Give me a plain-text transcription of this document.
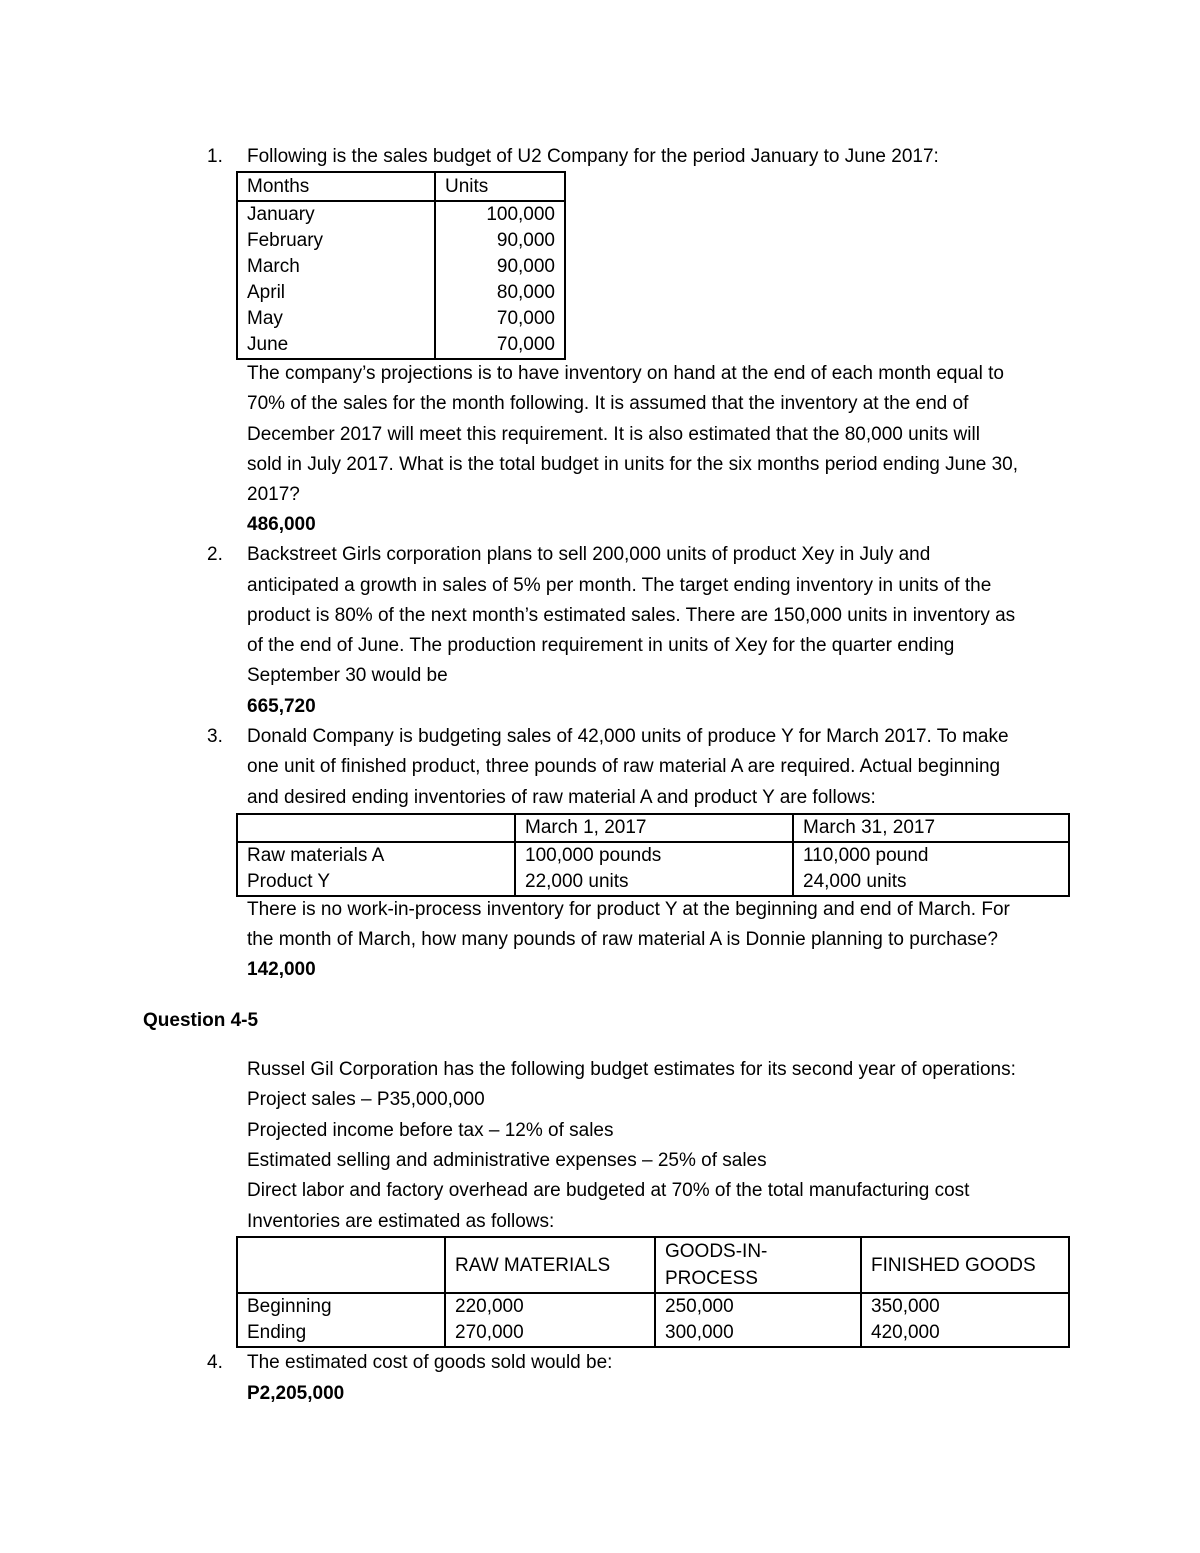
1. Following is the sales budget of U2 Company for the period January to June 2017:
Months	Units
January	100,000
February	90,000
March	90,000
April	80,000
May	70,000
June	70,000
The company’s projections is to have inventory on hand at the end of each month equal to
70% of the sales for the month following. It is assumed that the inventory at the end of
December 2017 will meet this requirement. It is also estimated that the 80,000 units will
sold in July 2017. What is the total budget in units for the six months period ending June 30,
2017?
486,000
2. Backstreet Girls corporation plans to sell 200,000 units of product Xey in July and
anticipated a growth in sales of 5% per month. The target ending inventory in units of the
product is 80% of the next month’s estimated sales. There are 150,000 units in inventory as
of the end of June. The production requirement in units of Xey for the quarter ending
September 30 would be
665,720
3. Donald Company is budgeting sales of 42,000 units of produce Y for March 2017. To make
one unit of finished product, three pounds of raw material A are required. Actual beginning
and desired ending inventories of raw material A and product Y are follows:
	March 1, 2017	March 31, 2017
Raw materials A	100,000 pounds	110,000 pound
Product Y	22,000 units	24,000 units
There is no work-in-process inventory for product Y at the beginning and end of March. For
the month of March, how many pounds of raw material A is Donnie planning to purchase?
142,000
Question 4-5
Russel Gil Corporation has the following budget estimates for its second year of operations:
Project sales – P35,000,000
Projected income before tax – 12% of sales
Estimated selling and administrative expenses – 25% of sales
Direct labor and factory overhead are budgeted at 70% of the total manufacturing cost
Inventories are estimated as follows:
	RAW MATERIALS	GOODS-IN-PROCESS	FINISHED GOODS
Beginning	220,000	250,000	350,000
Ending	270,000	300,000	420,000
4. The estimated cost of goods sold would be:
P2,205,000
